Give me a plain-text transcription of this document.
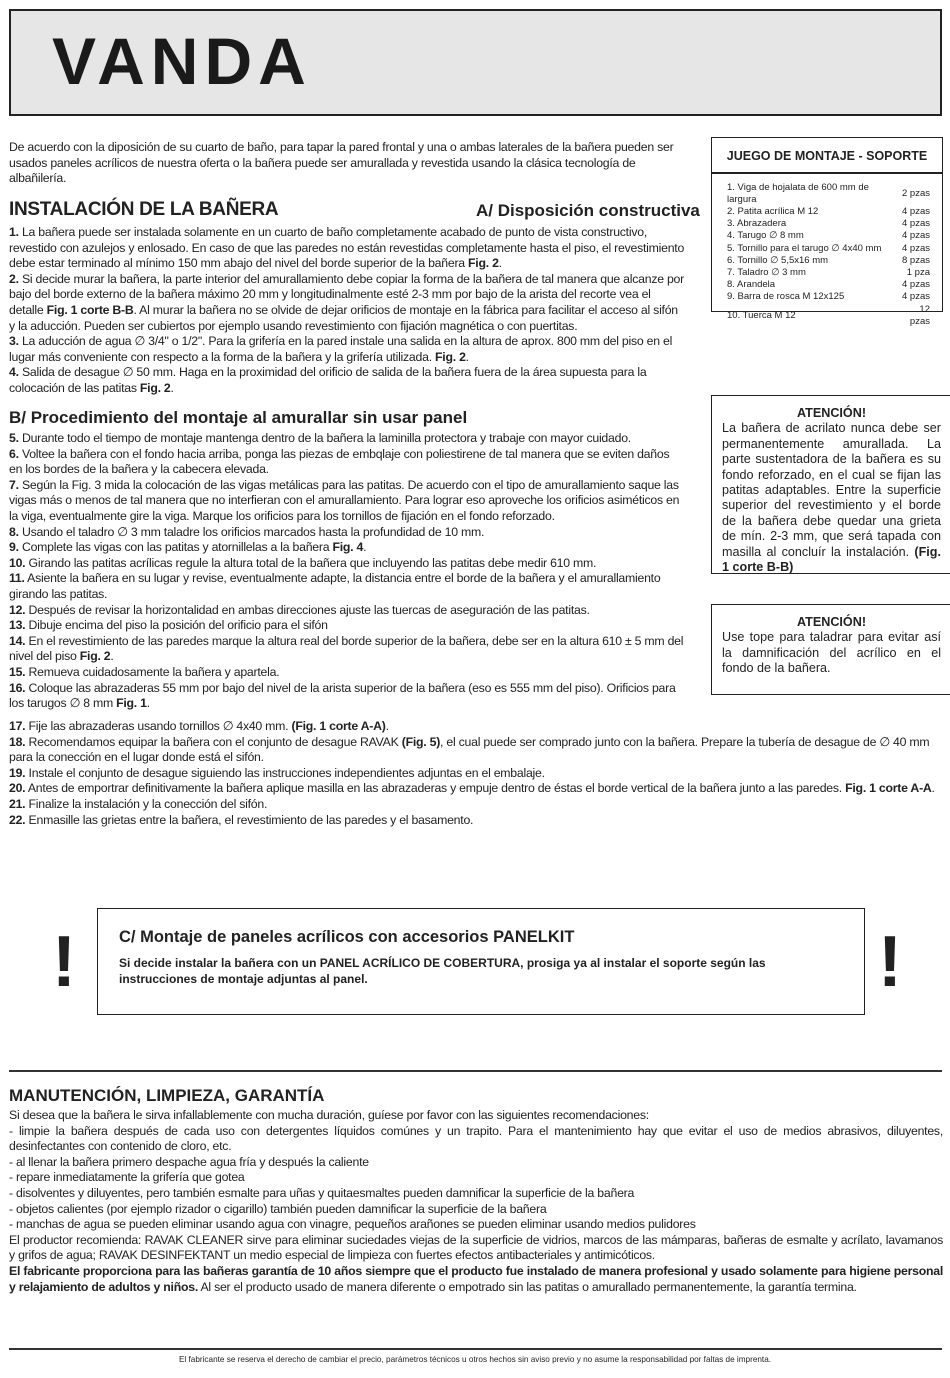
VANDA

De acuerdo con la diposición de su cuarto de baño, para tapar la pared frontal y una o ambas laterales de la bañera pueden ser usados paneles acrílicos de nuestra oferta o la bañera puede ser amurallada y revestida usando la clásica tecnología de albañilería.

INSTALACIÓN DE LA BAÑERA	A/ Disposición constructiva

1. La bañera puede ser instalada solamente en un cuarto de baño completamente acabado de punto de vista constructivo, revestido con azulejos y enlosado. En caso de que las paredes no están revestidas completamente hasta el piso, el revestimiento debe estar terminado al mínimo 150 mm abajo del nivel del borde superior de la bañera Fig. 2.

2. Si decide murar la bañera, la parte interior del amurallamiento debe copiar la forma de la bañera de tal manera que alcanze por bajo del borde externo de la bañera máximo 20 mm y longitudinalmente esté 2-3 mm por bajo de la arista del recorte vea el detalle Fig. 1 corte B-B. Al murar la bañera no se olvide de dejar orificios de montaje en la fábrica para facilitar el acceso al sifón y la aducción. Pueden ser cubiertos por ejemplo usando revestimiento con fijación magnética o con puertitas.

3. La aducción de agua ∅ 3/4" o 1/2". Para la grifería en la pared instale una salida en la altura de aprox. 800 mm del piso en el lugar más conveniente con respecto a la forma de la bañera y la grifería utilizada. Fig. 2.

4. Salida de desague ∅ 50 mm. Haga en la proximidad del orificio de salida de la bañera fuera de la área supuesta para la colocación de las patitas Fig. 2.

B/ Procedimiento del montaje al amurallar sin usar panel

5. Durante todo el tiempo de montaje mantenga dentro de la bañera la laminilla protectora y trabaje con mayor cuidado.

6. Voltee la bañera con el fondo hacia arriba, ponga las piezas de embqlaje con poliestirene de tal manera que se eviten daños en los bordes de la bañera y la cabecera elevada.

7. Según la Fig. 3 mida la colocación de las vigas metálicas para las patitas. De acuerdo con el tipo de amurallamiento saque las vigas más o menos de tal manera que no interfieran con el amurallamiento. Para lograr eso aproveche los orificios asiméticos en la viga, eventualmente gire la viga. Marque los orificios para los tornillos de fijación en el fondo reforzado.

8. Usando el taladro ∅ 3 mm taladre los orificios marcados hasta la profundidad de 10 mm.

9. Complete las vigas con las patitas y atornillelas a la bañera Fig. 4.

10. Girando las patitas acrílicas regule la altura total de la bañera que incluyendo las patitas debe medir 610 mm.

11. Asiente la bañera en su lugar y revise, eventualmente adapte, la distancia entre el borde de la bañera y el amurallamiento girando las patitas.

12. Después de revisar la horizontalidad en ambas direcciones ajuste las tuercas de aseguración de las patitas.

13. Dibuje encima del piso la posición del orificio para el sifón

14. En el revestimiento de las paredes marque la altura real del borde superior de la bañera, debe ser en la altura 610 ± 5 mm del nivel del piso Fig. 2.

15. Remueva cuidadosamente la bañera y apartela.

16. Coloque las abrazaderas 55 mm por bajo del nivel de la arista superior de la bañera (eso es 555 mm del piso). Orificios para los tarugos ∅ 8 mm Fig. 1.

17. Fije las abrazaderas usando tornillos ∅ 4x40 mm. (Fig. 1 corte A-A).

18. Recomendamos equipar la bañera con el conjunto de desague RAVAK (Fig. 5), el cual puede ser comprado junto con la bañera. Prepare la tubería de desague de ∅ 40 mm para la conección en el lugar donde está el sifón.

19. Instale el conjunto de desague siguiendo las instrucciones independientes adjuntas en el embalaje.

20. Antes de emportrar definitivamente la bañera aplique masilla en las abrazaderas y empuje dentro de éstas el borde vertical de la bañera junto a las paredes. Fig. 1 corte A-A.

21. Finalize la instalación y la conección del sifón.

22. Enmasille las grietas entre la bañera, el revestimiento de las paredes y el basamento.

JUEGO DE MONTAJE - SOPORTE
1. Viga de hojalata de 600 mm de largura	2 pzas
2. Patita acrílica M 12	4 pzas
3. Abrazadera	4 pzas
4. Tarugo ∅ 8 mm	4 pzas
5. Tornillo para el tarugo ∅ 4x40 mm	4 pzas
6. Tornillo ∅ 5,5x16 mm	8 pzas
7. Taladro ∅ 3 mm	1 pza
8. Arandela	4 pzas
9. Barra de rosca M 12x125	4 pzas
10. Tuerca M 12	12 pzas
ATENCIÓN!
La bañera de acrilato nunca debe ser permanentemente amurallada. La parte sustentadora de la bañera es su fondo reforzado, en el cual se fijan las patitas adaptables. Entre la superficie superior del revestimiento y el borde de la bañera debe quedar una grieta de mín. 2-3 mm, que será tapada con masilla al concluír la instalación. (Fig. 1 corte B-B)
ATENCIÓN!
Use tope para taladrar para evitar así la damnificación del acrílico en el fondo de la bañera.
!	!
C/ Montaje de paneles acrílicos con accesorios PANELKIT
Si decide instalar la bañera con un PANEL ACRÍLICO DE COBERTURA, prosiga ya al instalar el soporte según las instrucciones de montaje adjuntas al panel.
MANUTENCIÓN, LIMPIEZA, GARANTÍA

Si desea que la bañera le sirva infallablemente con mucha duración, guíese por favor con las siguientes recomendaciones:

- limpie la bañera después de cada uso con detergentes líquidos comúnes y un trapito. Para el mantenimiento hay que evitar el uso de medios abrasivos, diluyentes, desinfectantes con contenido de cloro, etc.

- al llenar la bañera primero despache agua fría y después la caliente

- repare inmediatamente la grifería que gotea

- disolventes y diluyentes, pero también esmalte para uñas y quitaesmaltes pueden damnificar la superficie de la bañera

- objetos calientes (por ejemplo rizador o cigarillo) también pueden damnificar la superficie de la bañera

- manchas de agua se pueden eliminar usando agua con vinagre, pequeños arañones se pueden eliminar usando medios pulidores

El productor recomienda: RAVAK CLEANER sirve para eliminar suciedades viejas de la superficie de vidrios, marcos de las mámparas, bañeras de esmalte y acrílato, lavamanos y grifos de agua; RAVAK DESINFEKTANT un medio especial de limpieza con fuertes efectos antibacteriales y antimicóticos.

El fabricante proporciona para las bañeras garantía de 10 años siempre que el producto fue instalado de manera profesional y usado solamente para higiene personal y relajamiento de adultos y niños. Al ser el producto usado de manera diferente o empotrado sin las patitas o amurallado permanentemente, la garantía termina.

El fabricante se reserva el derecho de cambiar el precio, parámetros técnicos u otros hechos sin aviso previo y no asume la responsabilidad por faltas de imprenta.
